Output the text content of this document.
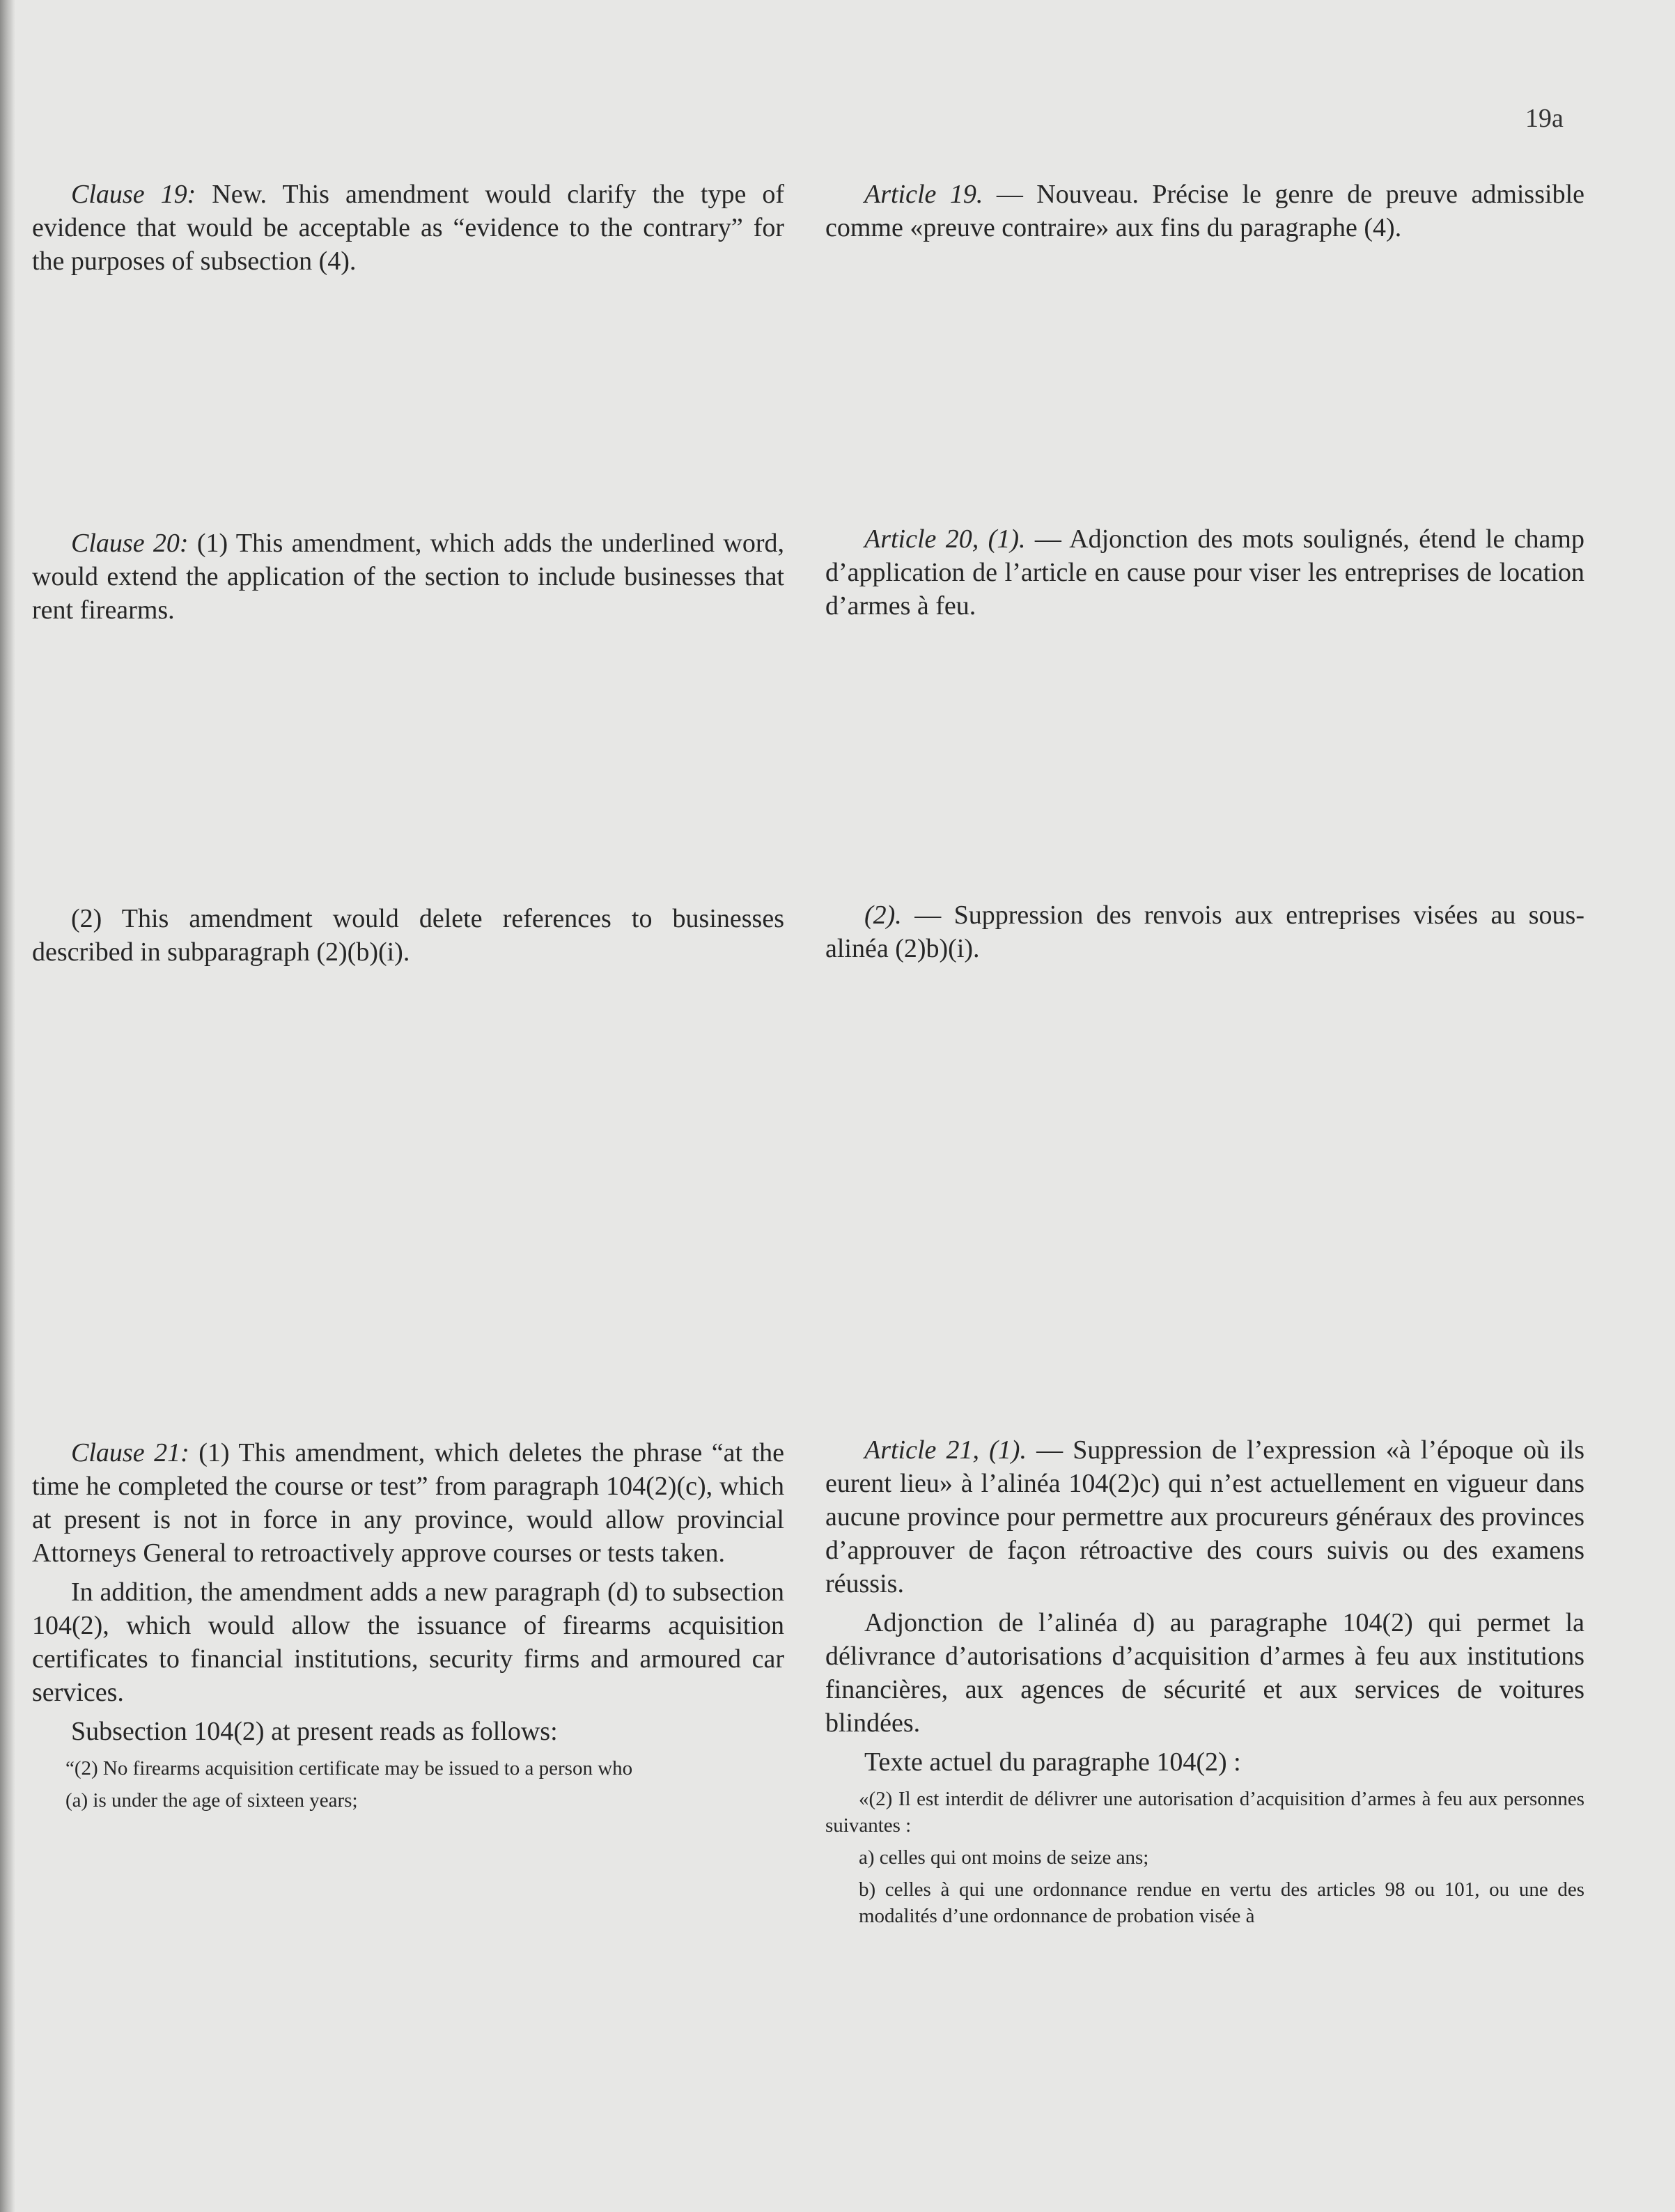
19a

Clause 19: New. This amendment would clarify the type of evidence that would be acceptable as “evidence to the contrary” for the purposes of subsection (4).

Clause 20: (1) This amendment, which adds the underlined word, would extend the application of the section to include businesses that rent firearms.

(2) This amendment would delete references to businesses described in subparagraph (2)(b)(i).

Clause 21: (1) This amendment, which deletes the phrase “at the time he completed the course or test” from paragraph 104(2)(c), which at present is not in force in any province, would allow provincial Attorneys General to retroactively approve courses or tests taken.

In addition, the amendment adds a new paragraph (d) to subsection 104(2), which would allow the issuance of firearms acquisition certificates to financial institutions, security firms and armoured car services.

Subsection 104(2) at present reads as follows:

“(2) No firearms acquisition certificate may be issued to a person who

(a) is under the age of sixteen years;

Article 19. — Nouveau. Précise le genre de preuve admissible comme «preuve contraire» aux fins du paragraphe (4).

Article 20, (1). — Adjonction des mots soulignés, étend le champ d’application de l’article en cause pour viser les entreprises de location d’armes à feu.

(2). — Suppression des renvois aux entreprises visées au sous-alinéa (2)b)(i).

Article 21, (1). — Suppression de l’expression «à l’époque où ils eurent lieu» à l’alinéa 104(2)c) qui n’est actuellement en vigueur dans aucune province pour permettre aux procureurs généraux des provinces d’approuver de façon rétroactive des cours suivis ou des examens réussis.

Adjonction de l’alinéa d) au paragraphe 104(2) qui permet la délivrance d’autorisations d’acquisition d’armes à feu aux institutions financières, aux agences de sécurité et aux services de voitures blindées.

Texte actuel du paragraphe 104(2) :

«(2) Il est interdit de délivrer une autorisation d’acquisition d’armes à feu aux personnes suivantes :

a) celles qui ont moins de seize ans;

b) celles à qui une ordonnance rendue en vertu des articles 98 ou 101, ou une des modalités d’une ordonnance de probation visée à
